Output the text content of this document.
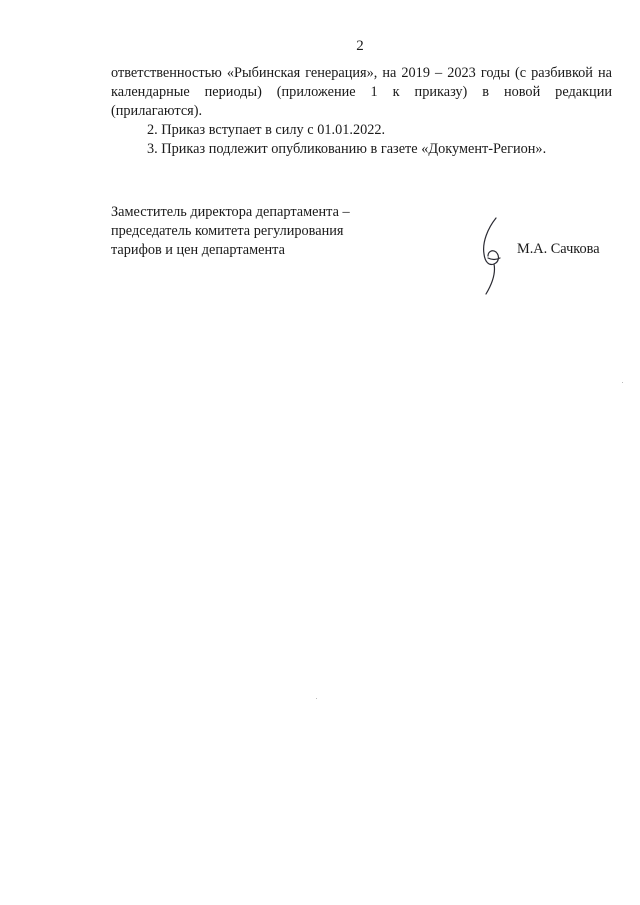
2

ответственностью «Рыбинская генерация», на 2019 – 2023 годы (с разбивкой на календарные периоды) (приложение 1 к приказу) в новой редакции (прилагаются).

2. Приказ вступает в силу с 01.01.2022.

3. Приказ подлежит опубликованию в газете «Документ-Регион».

Заместитель директора департамента –
председатель комитета регулирования
тарифов и цен департамента	М.А. Сачкова
